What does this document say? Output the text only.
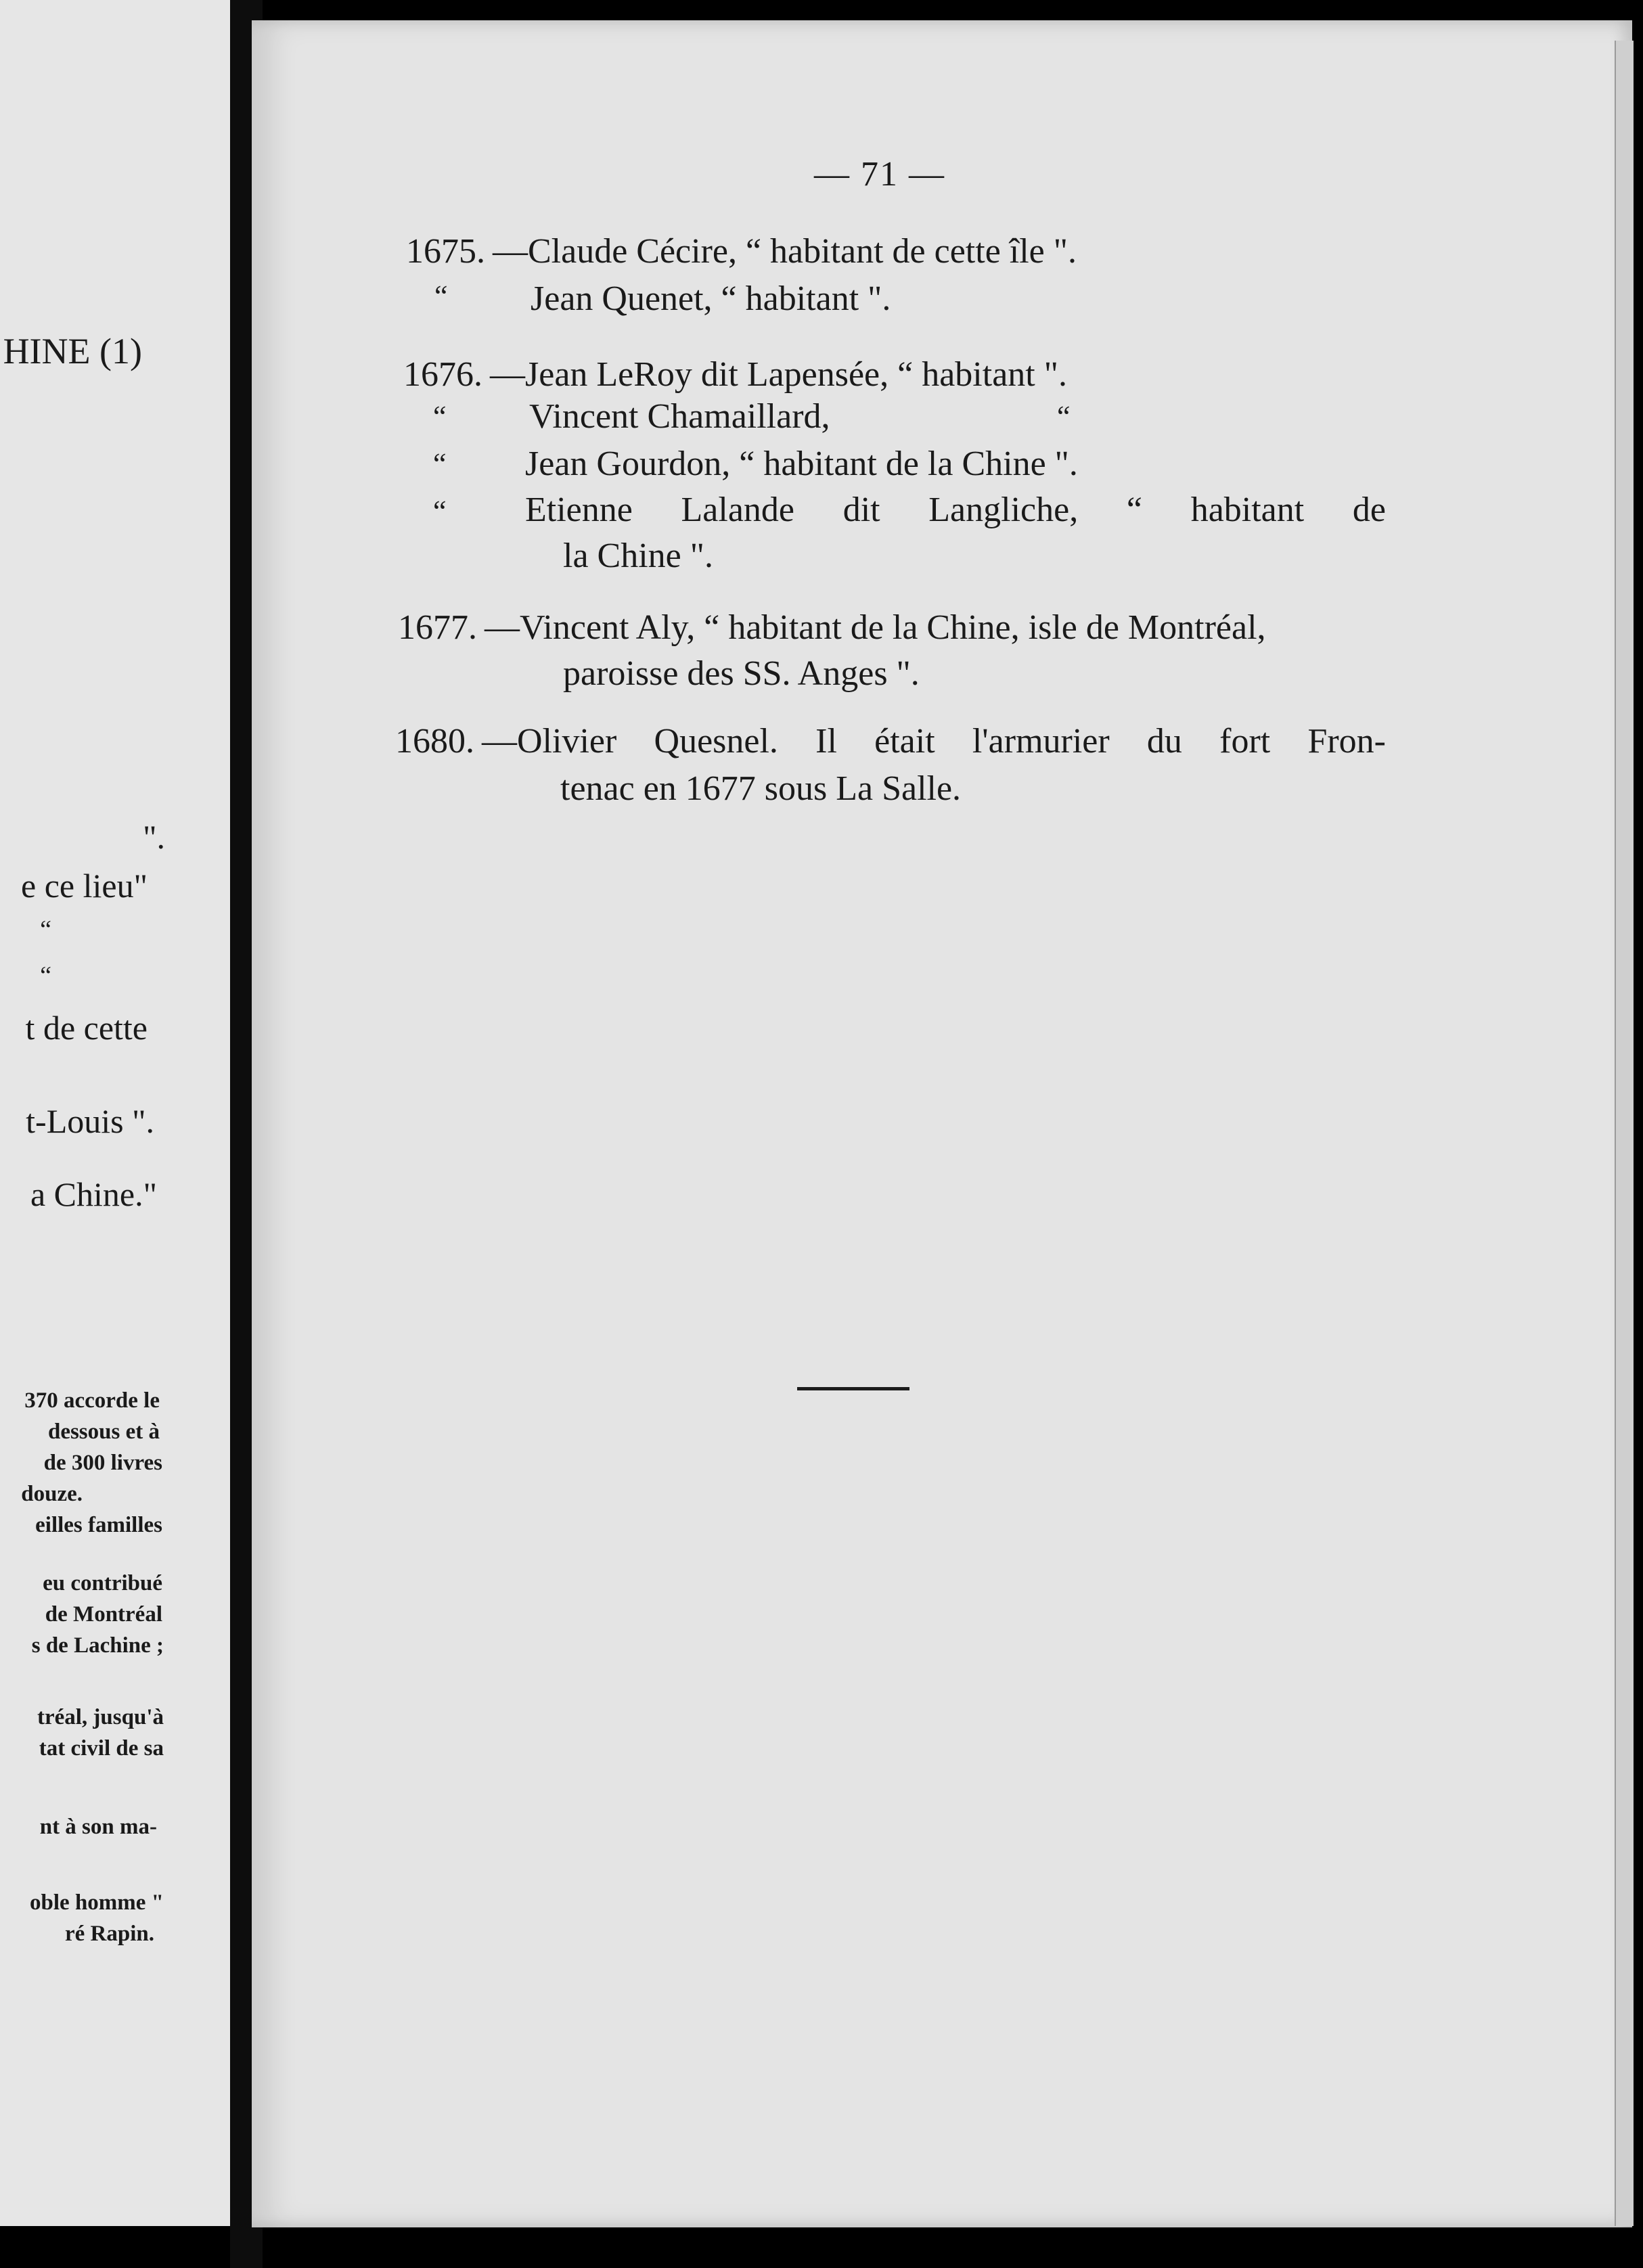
HINE (1)
".
e ce lieu"
“
“
t de cette
t-Louis ".
a Chine."
370 accorde le
dessous et à
de 300 livres
douze.
eilles familles
eu contribué
de Montréal
s de Lachine ;
tréal, jusqu'à
tat civil de sa
nt à son ma-
oble homme "
ré Rapin.
— 71 —
1675. —Claude Cécire, “ habitant de cette île ".
“ Jean Quenet, “ habitant ".
1676. —Jean LeRoy dit Lapensée, “ habitant ".
“ Vincent Chamaillard,	“
“ Jean Gourdon, “ habitant de la Chine ".
“ Etienne Lalande dit Langliche, “ habitant de
la Chine ".
1677. —Vincent Aly, “ habitant de la Chine, isle de Montréal,
paroisse des SS. Anges ".
1680. —Olivier Quesnel. Il était l'armurier du fort Fron-
tenac en 1677 sous La Salle.
